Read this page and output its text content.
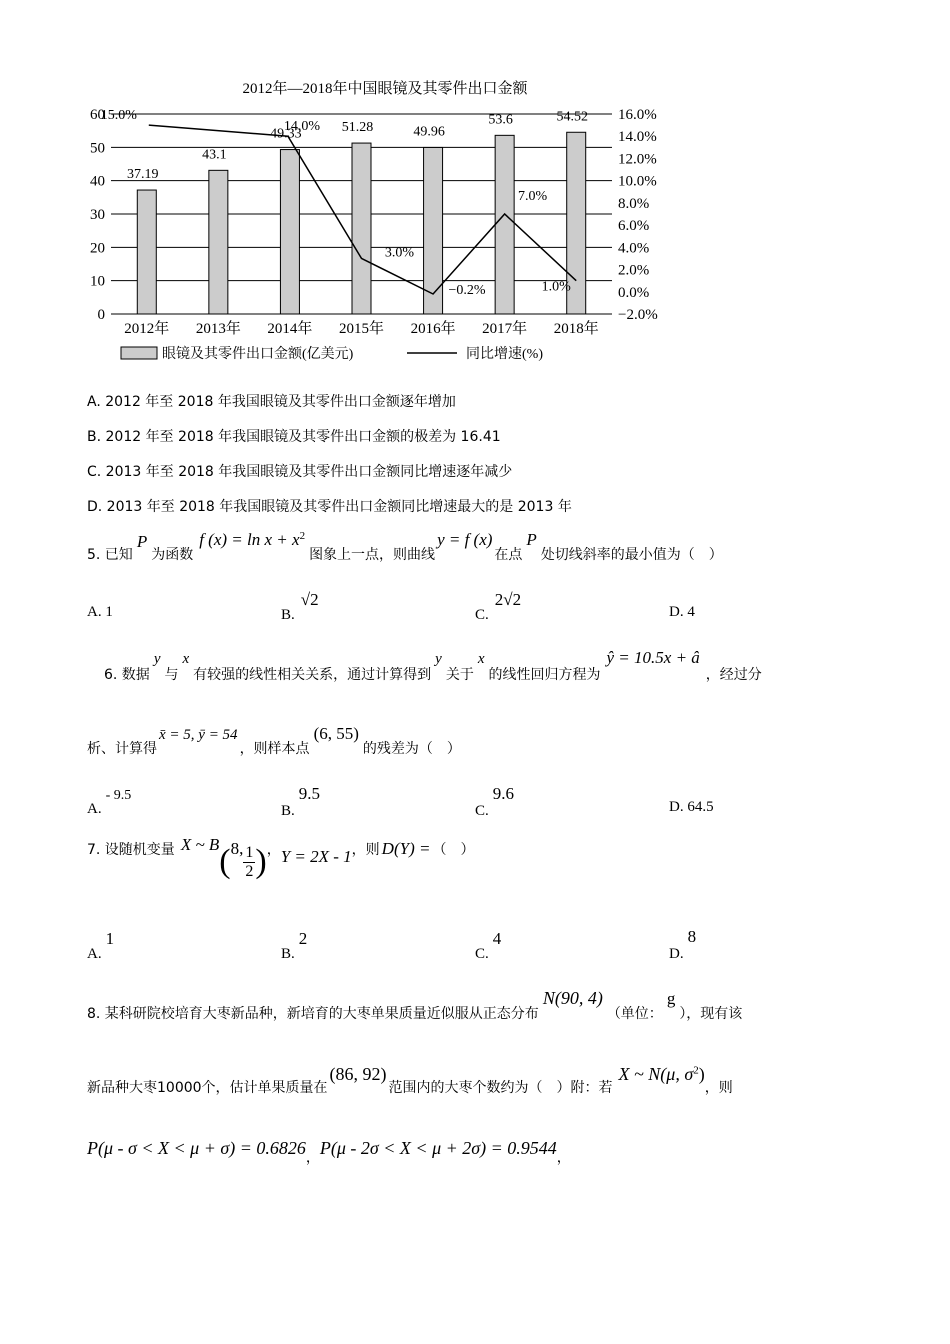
2012年—2018年中国眼镜及其零件出口金额
37.19
43.1
49.33	51.28	49.96
53.6	54.52
15.0%
14.0%
3.0%
−0.2%
7.0%
1.0%
60
50
40
30
20
10
0
16.0%
14.0%
12.0%
10.0%
8.0%
6.0%
4.0%
2.0%
0.0%
−2.0%
2012年 2013年 2014年 2015年 2016年 2017年 2018年
眼镜及其零件出口金额(亿美元)	同比增速(%)
A. 2012 年至 2018 年我国眼镜及其零件出口金额逐年增加
B. 2012 年至 2018 年我国眼镜及其零件出口金额的极差为 16.41
C. 2013 年至 2018 年我国眼镜及其零件出口金额同比增速逐年减少
D. 2013 年至 2018 年我国眼镜及其零件出口金额同比增速最大的是 2013 年
5. 已知P为函数f $(x) = \ln x + x^2$图象上一点，则曲线y = f (x)在点P处切线斜率的最小值为（　）
A. 1	B.√2
C.2√2
D. 4
6. 数据y与x有较强的线性相关关系，通过计算得到y关于x的线性回归方程为ŷ = 10.5x + â，经过分
析、计算得x̄ = 5, ȳ = 54，则样本点(6, 55)的残差为（　）
A.- 9.5
B.9.5
C.9.6
D. 64.5
7. 设随机变量 X ~ B(8, $\frac{1}{2}$ )，Y = 2X - 1，则 D(Y) = （　）
A.1
B.2
C.4
D.8
8. 某科研院校培育大枣新品种，新培育的大枣单果质量近似服从正态分布N(90, 4)（单位：g），现有该
新品种大枣10000个，估计单果质量在(86, 92)范围内的大枣个数约为（　）附：若X ~ N(μ, $\sigma^2$)，则
P(μ - σ < X < μ + σ) = 0.6826，P(μ - 2σ < X < μ + 2σ) = 0.9544，
